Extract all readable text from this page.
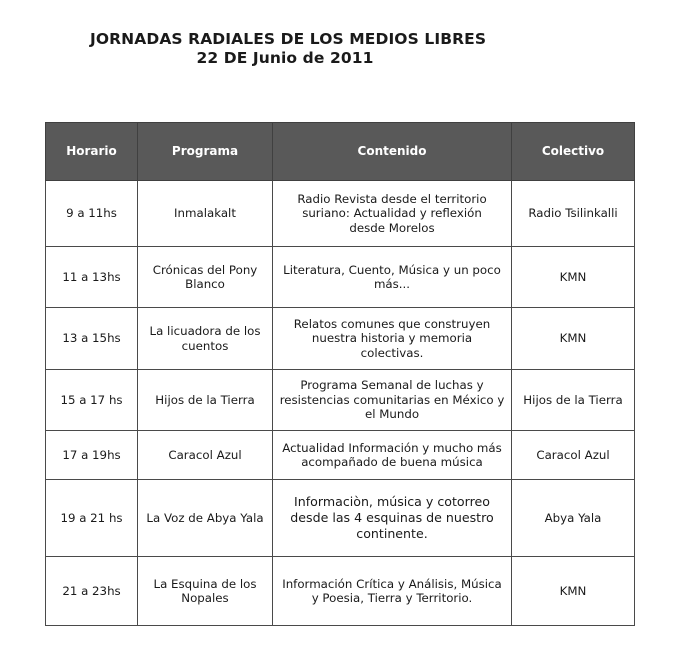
JORNADAS RADIALES DE LOS MEDIOS LIBRES
22 DE Junio de 2011
Horario	Programa	Contenido	Colectivo
9 a 11hs	Inmalakalt	Radio Revista desde el territorio suriano: Actualidad y reflexión desde Morelos	Radio Tsilinkalli
11 a 13hs	Crónicas del Pony Blanco	Literatura, Cuento, Música y un poco más...	KMN
13 a 15hs	La licuadora de los cuentos	Relatos comunes que construyen nuestra historia y memoria colectivas.	KMN
15 a 17 hs	Hijos de la Tierra	Programa Semanal de luchas y resistencias comunitarias en México y el Mundo	Hijos de la Tierra
17 a 19hs	Caracol Azul	Actualidad Información y mucho más acompañado de buena música	Caracol Azul
19 a 21 hs	La Voz de Abya Yala	Informaciòn, música y cotorreo desde las 4 esquinas de nuestro continente.	Abya Yala
21 a 23hs	La Esquina de los Nopales	Información Crítica y Análisis, Música y Poesia, Tierra y Territorio.	KMN
